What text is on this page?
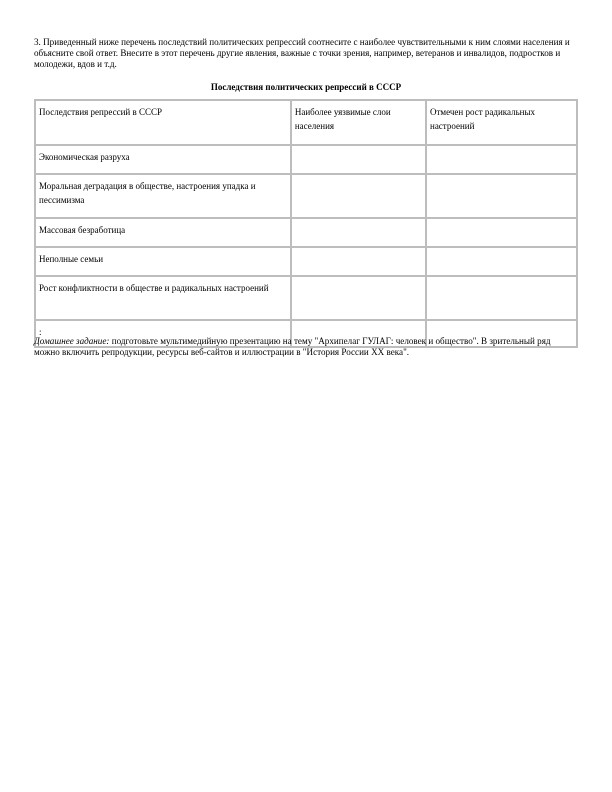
3. Приведенный ниже перечень последствий политических репрессий соотнесите с наиболее чувствительными к ним слоями населения и объясните свой ответ. Внесите в этот перечень другие явления, важные с точки зрения, например, ветеранов и инвалидов, подростков и молодежи, вдов и т.д.

Последствия политических репрессий в СССР

Последствия репрессий в СССР	Наиболее уязвимые слои населения	Отмечен рост радикальных настроений
Экономическая разруха		
Моральная деградация в обществе, настроения упадка и пессимизма		
Массовая безработица		
Неполные семьи		
Рост конфликтности в обществе и радикальных настроений		
:		

Домашнее задание: подготовьте мультимедийную презентацию на тему "Архипелаг ГУЛАГ: человек и общество". В зрительный ряд можно включить репродукции, ресурсы веб-сайтов и иллюстрации в "История России XX века".
